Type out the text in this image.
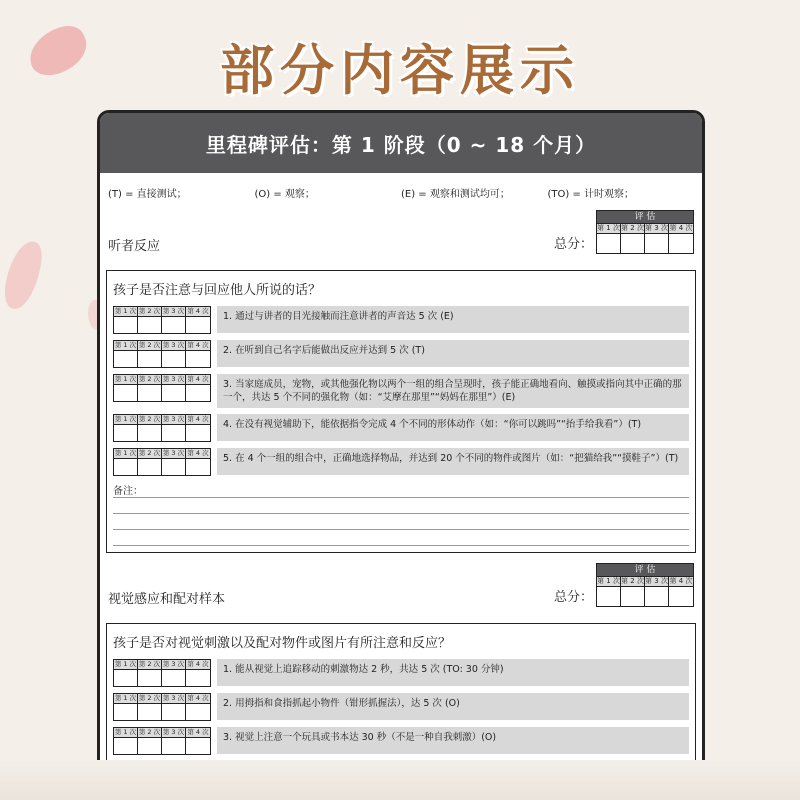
部分内容展示
里程碑评估：第 1 阶段（0 ~ 18 个月）
(T) = 直接测试；	(O) = 观察；	(E) = 观察和测试均可；	(TO) = 计时观察；
听者反应	总分：
评 估
第 1 次 第 2 次 第 3 次 第 4 次
孩子是否注意与回应他人所说的话？
第 1 次 第 2 次 第 3 次 第 4 次	1. 通过与讲者的目光接触而注意讲者的声音达 5 次 (E)
第 1 次 第 2 次 第 3 次 第 4 次	2. 在听到自己名字后能做出反应并达到 5 次 (T)
第 1 次 第 2 次 第 3 次 第 4 次	3. 当家庭成员，宠物，或其他强化物以两个一组的组合呈现时，孩子能正确地看向、触摸或指向其中正确的那一个，共达 5 个不同的强化物（如：“艾摩在那里”“妈妈在那里”）(E)
第 1 次 第 2 次 第 3 次 第 4 次	4. 在没有视觉辅助下，能依据指令完成 4 个不同的形体动作（如：“你可以跳吗”“抬手给我看”）(T)
第 1 次 第 2 次 第 3 次 第 4 次	5. 在 4 个一组的组合中，正确地选择物品，并达到 20 个不同的物件或图片（如：“把猫给我”“摸鞋子”）(T)
备注：
视觉感应和配对样本	总分：
评 估
第 1 次 第 2 次 第 3 次 第 4 次
孩子是否对视觉刺激以及配对物件或图片有所注意和反应？
第 1 次 第 2 次 第 3 次 第 4 次	1. 能从视觉上追踪移动的刺激物达 2 秒，共达 5 次 (TO: 30 分钟)
第 1 次 第 2 次 第 3 次 第 4 次	2. 用拇指和食指抓起小物件（钳形抓握法），达 5 次 (O)
第 1 次 第 2 次 第 3 次 第 4 次	3. 视觉上注意一个玩具或书本达 30 秒（不是一种自我刺激）(O)
